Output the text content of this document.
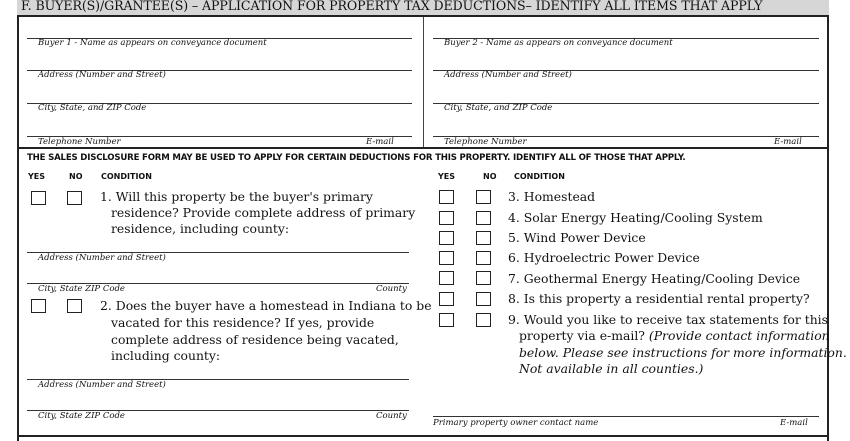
F. BUYER(S)/GRANTEE(S) – APPLICATION FOR PROPERTY TAX DEDUCTIONS– IDENTIFY ALL ITEMS THAT APPLY
Buyer 1 - Name as appears on conveyance document
Address (Number and Street)
City, State, and ZIP Code
Telephone Number	E-mail
Buyer 2 - Name as appears on conveyance document
Address (Number and Street)
City, State, and ZIP Code
Telephone Number	E-mail
THE SALES DISCLOSURE FORM MAY BE USED TO APPLY FOR CERTAIN DEDUCTIONS FOR THIS PROPERTY. IDENTIFY ALL OF THOSE THAT APPLY.
YES	NO CONDITION	YES	NO CONDITION
1. Will this property be the buyer's primary
residence? Provide complete address of primary
residence, including county:
Address (Number and Street)
City, State ZIP Code	County
2. Does the buyer have a homestead in Indiana to be
vacated for this residence? If yes, provide
complete address of residence being vacated,
including county:
Address (Number and Street)
City, State ZIP Code	County
3. Homestead
4. Solar Energy Heating/Cooling System
5. Wind Power Device
6. Hydroelectric Power Device
7. Geothermal Energy Heating/Cooling Device
8. Is this property a residential rental property?
9. Would you like to receive tax statements for this
property via e-mail? (Provide contact information
below. Please see instructions for more information.
Not available in all counties.)
Primary property owner contact name	E-mail
